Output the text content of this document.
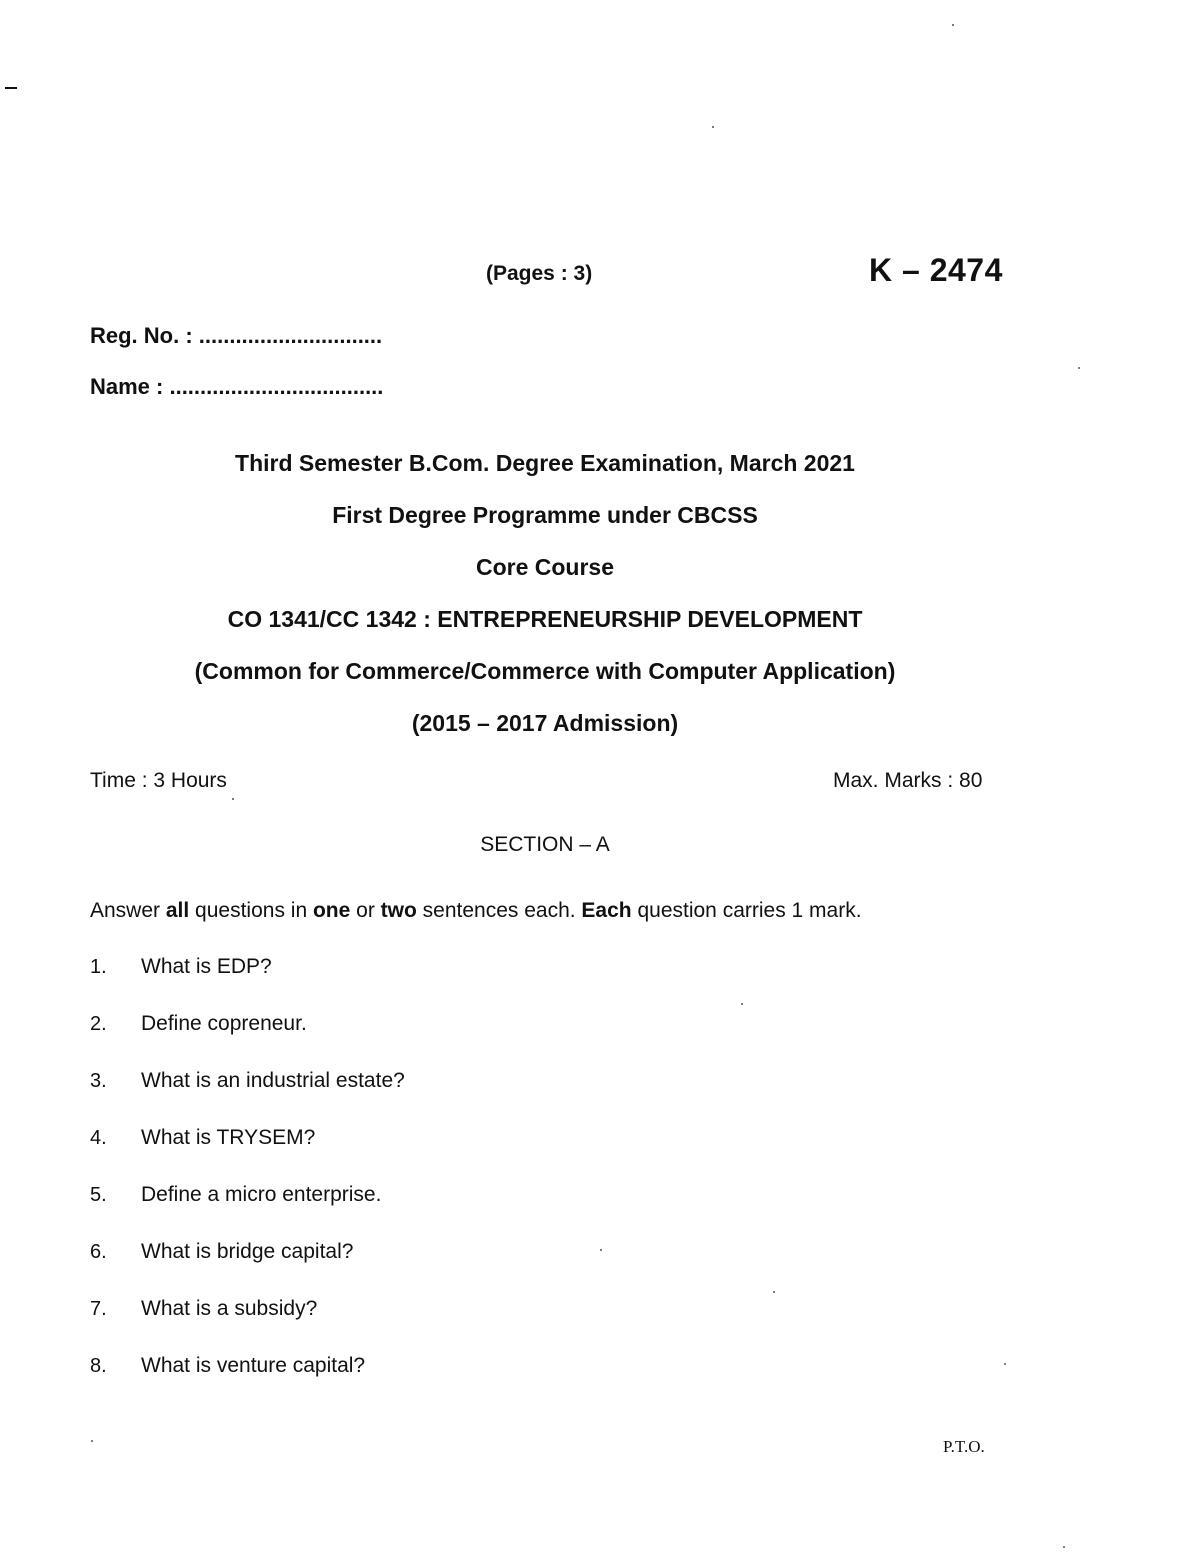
(Pages : 3)	K – 2474
Reg. No. : ..............................
Name : ...................................
Third Semester B.Com. Degree Examination, March 2021
First Degree Programme under CBCSS
Core Course
CO 1341/CC 1342 : ENTREPRENEURSHIP DEVELOPMENT
(Common for Commerce/Commerce with Computer Application)
(2015 – 2017 Admission)
Time : 3 Hours	Max. Marks : 80
SECTION – A
Answer all questions in one or two sentences each. Each question carries 1 mark.
1. What is EDP?
2. Define copreneur.
3. What is an industrial estate?
4. What is TRYSEM?
5. Define a micro enterprise.
6. What is bridge capital?
7. What is a subsidy?
8. What is venture capital?
P.T.O.
